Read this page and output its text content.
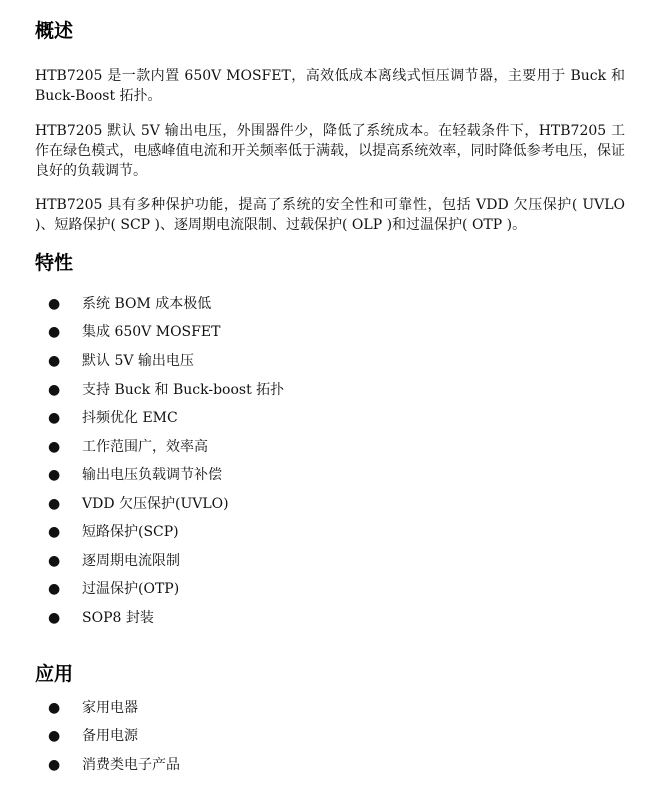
概述

HTB7205 是一款内置 650V MOSFET，高效低成本离线式恒压调节器，主要用于 Buck 和 Buck-Boost 拓扑。

HTB7205 默认 5V 输出电压，外围器件少，降低了系统成本。在轻载条件下，HTB7205 工作在绿色模式，电感峰值电流和开关频率低于满载，以提高系统效率，同时降低参考电压，保证良好的负载调节。

HTB7205 具有多种保护功能，提高了系统的安全性和可靠性，包括 VDD 欠压保护( UVLO )、短路保护( SCP )、逐周期电流限制、过载保护( OLP )和过温保护( OTP )。

特性
● 系统 BOM 成本极低
● 集成 650V MOSFET
● 默认 5V 输出电压
● 支持 Buck 和 Buck-boost 拓扑
● 抖频优化 EMC
● 工作范围广，效率高
● 输出电压负载调节补偿
● VDD 欠压保护(UVLO)
● 短路保护(SCP)
● 逐周期电流限制
● 过温保护(OTP)
● SOP8 封装
应用
● 家用电器
● 备用电源
● 消费类电子产品
